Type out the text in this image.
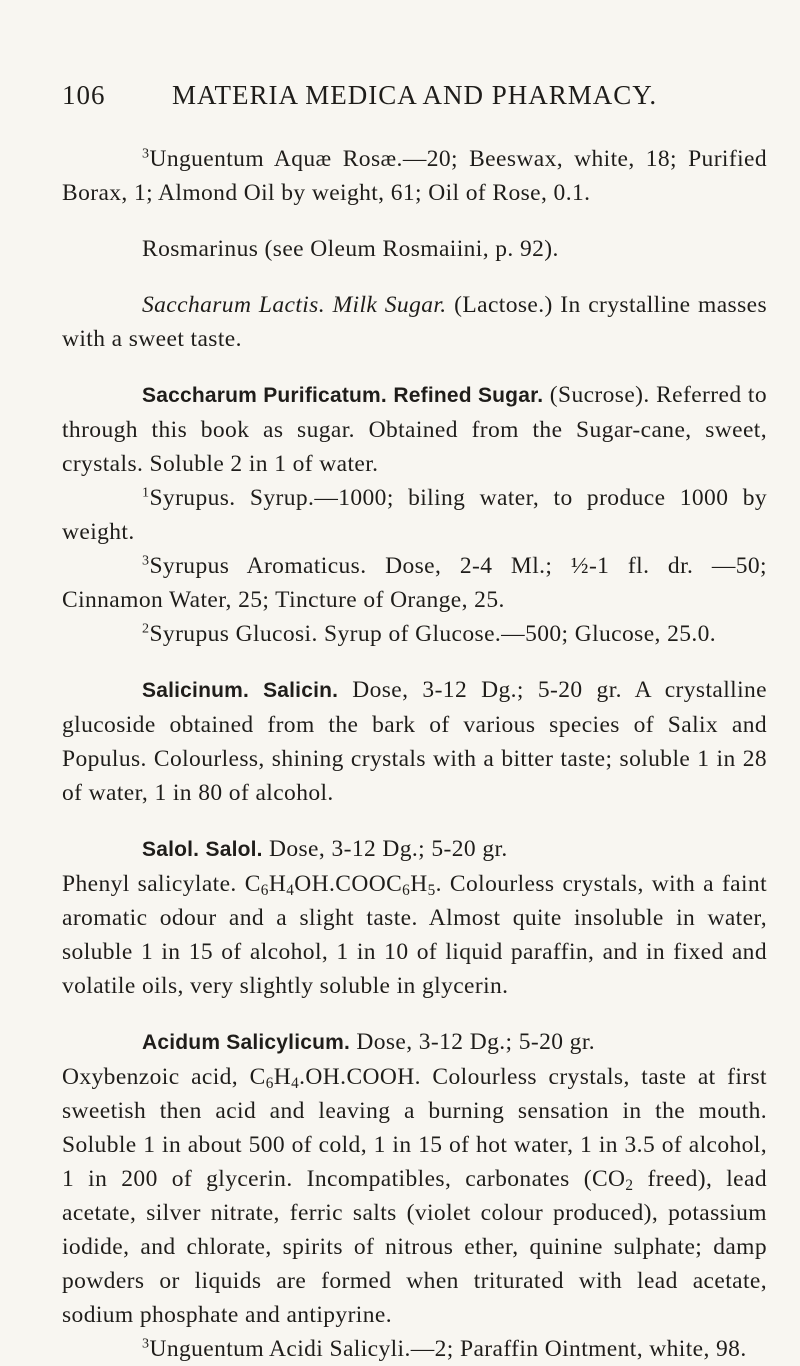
106 MATERIA MEDICA AND PHARMACY.

$^3$Unguentum Aquæ Rosæ.—20; Beeswax, white, 18; Purified Borax, 1; Almond Oil by weight, 61; Oil of Rose, 0.1.

Rosmarinus (see Oleum Rosmaiini, p. 92).

Saccharum Lactis. Milk Sugar. (Lactose.) In crystalline masses with a sweet taste.

Saccharum Purificatum. Refined Sugar. (Sucrose). Referred to through this book as sugar. Obtained from the Sugar-cane, sweet, crystals. Soluble 2 in 1 of water.

$^1$Syrupus. Syrup.—1000; biling water, to produce 1000 by weight.

$^3$Syrupus Aromaticus. Dose, 2-4 Ml.; ½-1 fl. dr. —50; Cinnamon Water, 25; Tincture of Orange, 25.

$^2$Syrupus Glucosi. Syrup of Glucose.—500; Glucose, 25.0.

Salicinum. Salicin. Dose, 3-12 Dg.; 5-20 gr. A crystalline glucoside obtained from the bark of various species of Salix and Populus. Colourless, shining crystals with a bitter taste; soluble 1 in 28 of water, 1 in 80 of alcohol.

Salol. Salol. Dose, 3-12 Dg.; 5-20 gr.

Phenyl salicylate. $C_6H_4OH.COOC_6H_5$. Colourless crystals, with a faint aromatic odour and a slight taste. Almost quite insoluble in water, soluble 1 in 15 of alcohol, 1 in 10 of liquid paraffin, and in fixed and volatile oils, very slightly soluble in glycerin.

Acidum Salicylicum. Dose, 3-12 Dg.; 5-20 gr.

Oxybenzoic acid, $C_6H_4.OH.COOH$. Colourless crystals, taste at first sweetish then acid and leaving a burning sensation in the mouth. Soluble 1 in about 500 of cold, 1 in 15 of hot water, 1 in 3.5 of alcohol, 1 in 200 of glycerin. Incompatibles, carbonates ($CO_2$ freed), lead acetate, silver nitrate, ferric salts (violet colour produced), potassium iodide, and chlorate, spirits of nitrous ether, quinine sulphate; damp powders or liquids are formed when triturated with lead acetate, sodium phosphate and antipyrine.

$^3$Unguentum Acidi Salicyli.—2; Paraffin Ointment, white, 98.
